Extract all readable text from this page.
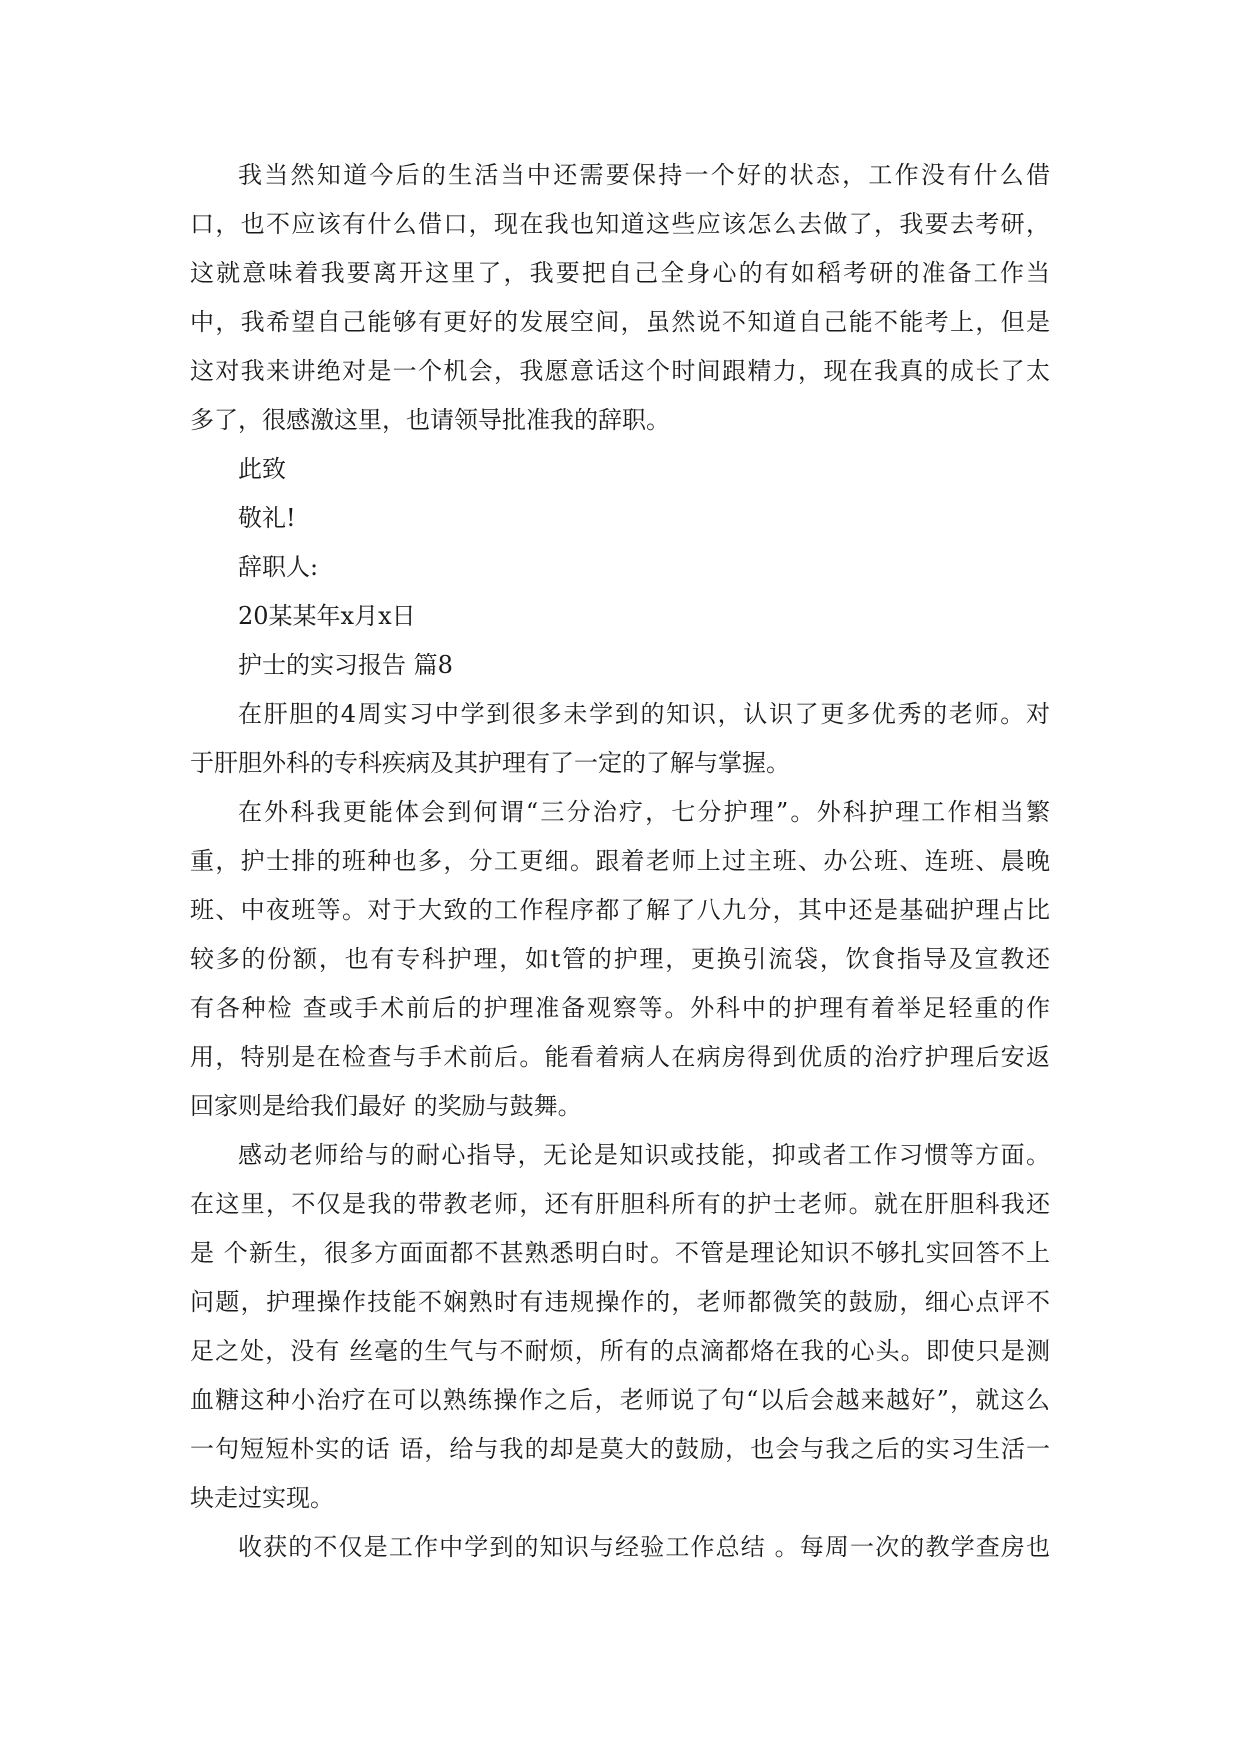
我当然知道今后的生活当中还需要保持一个好的状态，工作没有什么借
口，也不应该有什么借口，现在我也知道这些应该怎么去做了，我要去考研，
这就意味着我要离开这里了，我要把自己全身心的有如稻考研的准备工作当
中，我希望自己能够有更好的发展空间，虽然说不知道自己能不能考上，但是
这对我来讲绝对是一个机会，我愿意话这个时间跟精力，现在我真的成长了太
多了，很感激这里，也请领导批准我的辞职。
此致
敬礼!
辞职人:
20某某年x月x日
护士的实习报告 篇8
在肝胆的4周实习中学到很多未学到的知识，认识了更多优秀的老师。对
于肝胆外科的专科疾病及其护理有了一定的了解与掌握。
在外科我更能体会到何谓“三分治疗，七分护理”。外科护理工作相当繁
重，护士排的班种也多，分工更细。跟着老师上过主班、办公班、连班、晨晚
班、中夜班等。对于大致的工作程序都了解了八九分，其中还是基础护理占比
较多的份额，也有专科护理，如t管的护理，更换引流袋，饮食指导及宣教还
有各种检 查或手术前后的护理准备观察等。外科中的护理有着举足轻重的作
用，特别是在检查与手术前后。能看着病人在病房得到优质的治疗护理后安返
回家则是给我们最好 的奖励与鼓舞。
感动老师给与的耐心指导，无论是知识或技能，抑或者工作习惯等方面。
在这里，不仅是我的带教老师，还有肝胆科所有的护士老师。就在肝胆科我还
是 个新生，很多方面面都不甚熟悉明白时。不管是理论知识不够扎实回答不上
问题，护理操作技能不娴熟时有违规操作的，老师都微笑的鼓励，细心点评不
足之处，没有 丝毫的生气与不耐烦，所有的点滴都烙在我的心头。即使只是测
血糖这种小治疗在可以熟练操作之后，老师说了句“以后会越来越好”，就这么
一句短短朴实的话 语，给与我的却是莫大的鼓励，也会与我之后的实习生活一
块走过实现。
收获的不仅是工作中学到的知识与经验工作总结 。每周一次的教学查房也
